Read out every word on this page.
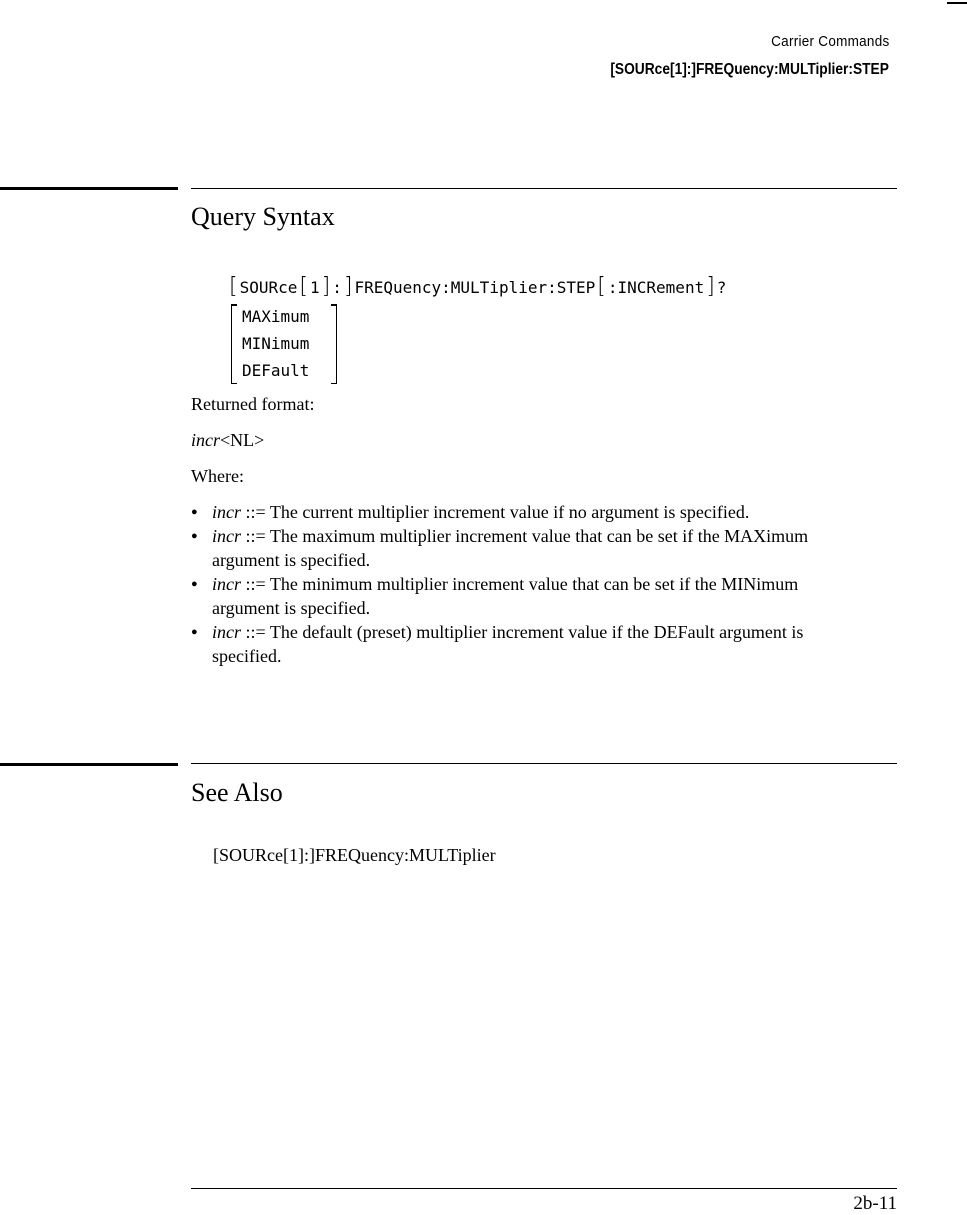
Carrier Commands
[SOURce[1]:]FREQuency:MULTiplier:STEP
Query Syntax
[ SOURce [ 1 ] : ] FREQuency:MULTiplier:STEP [ :INCRement ] ?
MAXimum
MINimum
DEFault
Returned format:
incr<NL>
Where:
● incr ::= The current multiplier increment value if no argument is specified.
● incr ::= The maximum multiplier increment value that can be set if the MAXimum argument is specified.
● incr ::= The minimum multiplier increment value that can be set if the MINimum argument is specified.
● incr ::= The default (preset) multiplier increment value if the DEFault argument is specified.
See Also
[SOURce[1]:]FREQuency:MULTiplier
2b-11
